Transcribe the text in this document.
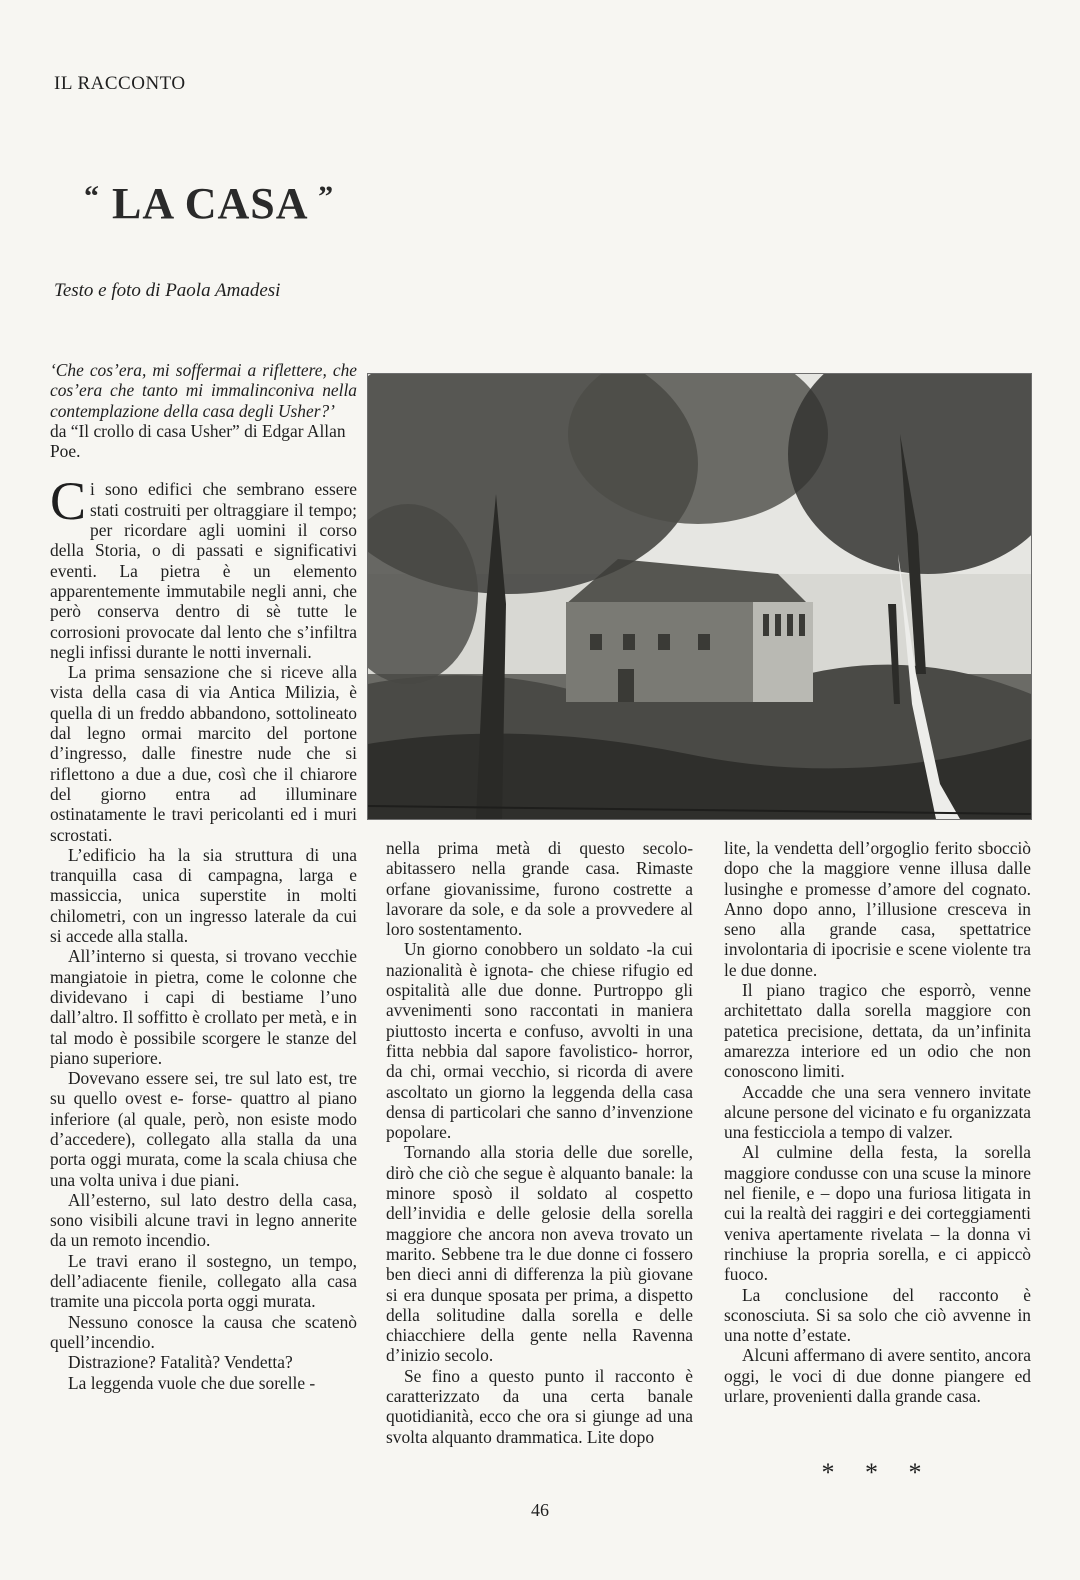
IL RACCONTO
“ LA CASA ”

Testo e foto di Paola Amadesi

‘Che cos’era, mi soffermai a riflettere, che cos’era che tanto mi immalinconiva nella contemplazione della casa degli Usher?’

da “Il crollo di casa Usher” di Edgar Allan Poe.

Ci sono edifici che sembrano essere stati costruiti per oltraggiare il tempo; per ricordare agli uomini il corso della Storia, o di passati e significativi eventi. La pietra è un elemento apparentemente immutabile negli anni, che però conserva dentro di sè tutte le corrosioni provocate dal lento che s’infiltra negli infissi durante le notti invernali.

La prima sensazione che si riceve alla vista della casa di via Antica Milizia, è quella di un freddo abbandono, sottolineato dal legno ormai marcito del portone d’ingresso, dalle finestre nude che si riflettono a due a due, così che il chiarore del giorno entra ad illuminare ostinatamente le travi pericolanti ed i muri scrostati.

L’edificio ha la sia struttura di una tranquilla casa di campagna, larga e massiccia, unica superstite in molti chilometri, con un ingresso laterale da cui si accede alla stalla.

All’interno si questa, si trovano vecchie mangiatoie in pietra, come le colonne che dividevano i capi di bestiame l’uno dall’altro. Il soffitto è crollato per metà, e in tal modo è possibile scorgere le stanze del piano superiore.

Dovevano essere sei, tre sul lato est, tre su quello ovest e- forse- quattro al piano inferiore (al quale, però, non esiste modo d’accedere), collegato alla stalla da una porta oggi murata, come la scala chiusa che una volta univa i due piani.

All’esterno, sul lato destro della casa, sono visibili alcune travi in legno annerite da un remoto incendio.

Le travi erano il sostegno, un tempo, dell’adiacente fienile, collegato alla casa tramite una piccola porta oggi murata.

Nessuno conosce la causa che scatenò quell’incendio.

Distrazione? Fatalità? Vendetta?

La leggenda vuole che due sorelle -

nella prima metà di questo secolo- abitassero nella grande casa. Rimaste orfane giovanissime, furono costrette a lavorare da sole, e da sole a provvedere al loro sostentamento.

Un giorno conobbero un soldato -la cui nazionalità è ignota- che chiese rifugio ed ospitalità alle due donne. Purtroppo gli avvenimenti sono raccontati in maniera piuttosto incerta e confuso, avvolti in una fitta nebbia dal sapore favolistico- horror, da chi, ormai vecchio, si ricorda di avere ascoltato un giorno la leggenda della casa densa di particolari che sanno d’invenzione popolare.

Tornando alla storia delle due sorelle, dirò che ciò che segue è alquanto banale: la minore sposò il soldato al cospetto dell’invidia e delle gelosie della sorella maggiore che ancora non aveva trovato un marito. Sebbene tra le due donne ci fossero ben dieci anni di differenza la più giovane si era dunque sposata per prima, a dispetto della solitudine dalla sorella e delle chiacchiere della gente nella Ravenna d’inizio secolo.

Se fino a questo punto il racconto è caratterizzato da una certa banale quotidianità, ecco che ora si giunge ad una svolta alquanto drammatica. Lite dopo

lite, la vendetta dell’orgoglio ferito sbocciò dopo che la maggiore venne illusa dalle lusinghe e promesse d’amore del cognato. Anno dopo anno, l’illusione cresceva in seno alla grande casa, spettatrice involontaria di ipocrisie e scene violente tra le due donne.

Il piano tragico che esporrò, venne architettato dalla sorella maggiore con patetica precisione, dettata, da un’infinita amarezza interiore ed un odio che non conoscono limiti.

Accadde che una sera vennero invitate alcune persone del vicinato e fu organizzata una festicciola a tempo di valzer.

Al culmine della festa, la sorella maggiore condusse con una scuse la minore nel fienile, e – dopo una furiosa litigata in cui la realtà dei raggiri e dei corteggiamenti veniva apertamente rivelata – la donna vi rinchiuse la propria sorella, e ci appiccò fuoco.

La conclusione del racconto è sconosciuta. Si sa solo che ciò avvenne in una notte d’estate.

Alcuni affermano di avere sentito, ancora oggi, le voci di due donne piangere ed urlare, provenienti dalla grande casa.

* * *
46
